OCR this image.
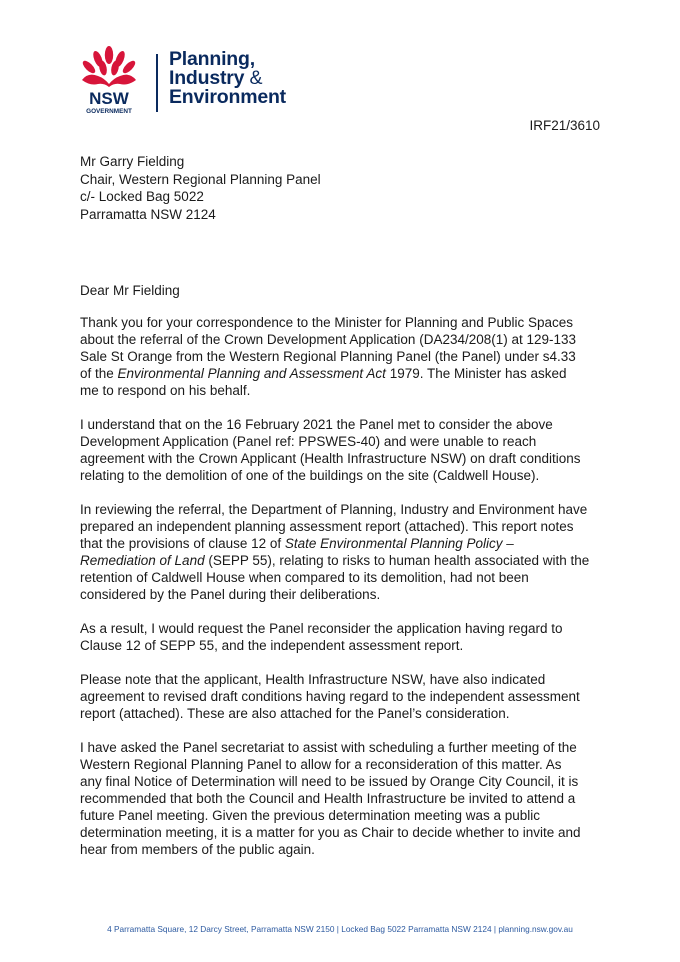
NSW
GOVERNMENT
Planning,
Industry &
Environment
IRF21/3610
Mr Garry Fielding
Chair, Western Regional Planning Panel
c/- Locked Bag 5022
Parramatta NSW 2124
Dear Mr Fielding

Thank you for your correspondence to the Minister for Planning and Public Spaces
about the referral of the Crown Development Application (DA234/208(1) at 129-133
Sale St Orange from the Western Regional Planning Panel (the Panel) under s4.33
of the Environmental Planning and Assessment Act 1979. The Minister has asked
me to respond on his behalf.

I understand that on the 16 February 2021 the Panel met to consider the above
Development Application (Panel ref: PPSWES-40) and were unable to reach
agreement with the Crown Applicant (Health Infrastructure NSW) on draft conditions
relating to the demolition of one of the buildings on the site (Caldwell House).

In reviewing the referral, the Department of Planning, Industry and Environment have
prepared an independent planning assessment report (attached). This report notes
that the provisions of clause 12 of State Environmental Planning Policy –
Remediation of Land (SEPP 55), relating to risks to human health associated with the
retention of Caldwell House when compared to its demolition, had not been
considered by the Panel during their deliberations.

As a result, I would request the Panel reconsider the application having regard to
Clause 12 of SEPP 55, and the independent assessment report.

Please note that the applicant, Health Infrastructure NSW, have also indicated
agreement to revised draft conditions having regard to the independent assessment
report (attached). These are also attached for the Panel’s consideration.

I have asked the Panel secretariat to assist with scheduling a further meeting of the
Western Regional Planning Panel to allow for a reconsideration of this matter. As
any final Notice of Determination will need to be issued by Orange City Council, it is
recommended that both the Council and Health Infrastructure be invited to attend a
future Panel meeting. Given the previous determination meeting was a public
determination meeting, it is a matter for you as Chair to decide whether to invite and
hear from members of the public again.

4 Parramatta Square, 12 Darcy Street, Parramatta NSW 2150 | Locked Bag 5022 Parramatta NSW 2124 | planning.nsw.gov.au
